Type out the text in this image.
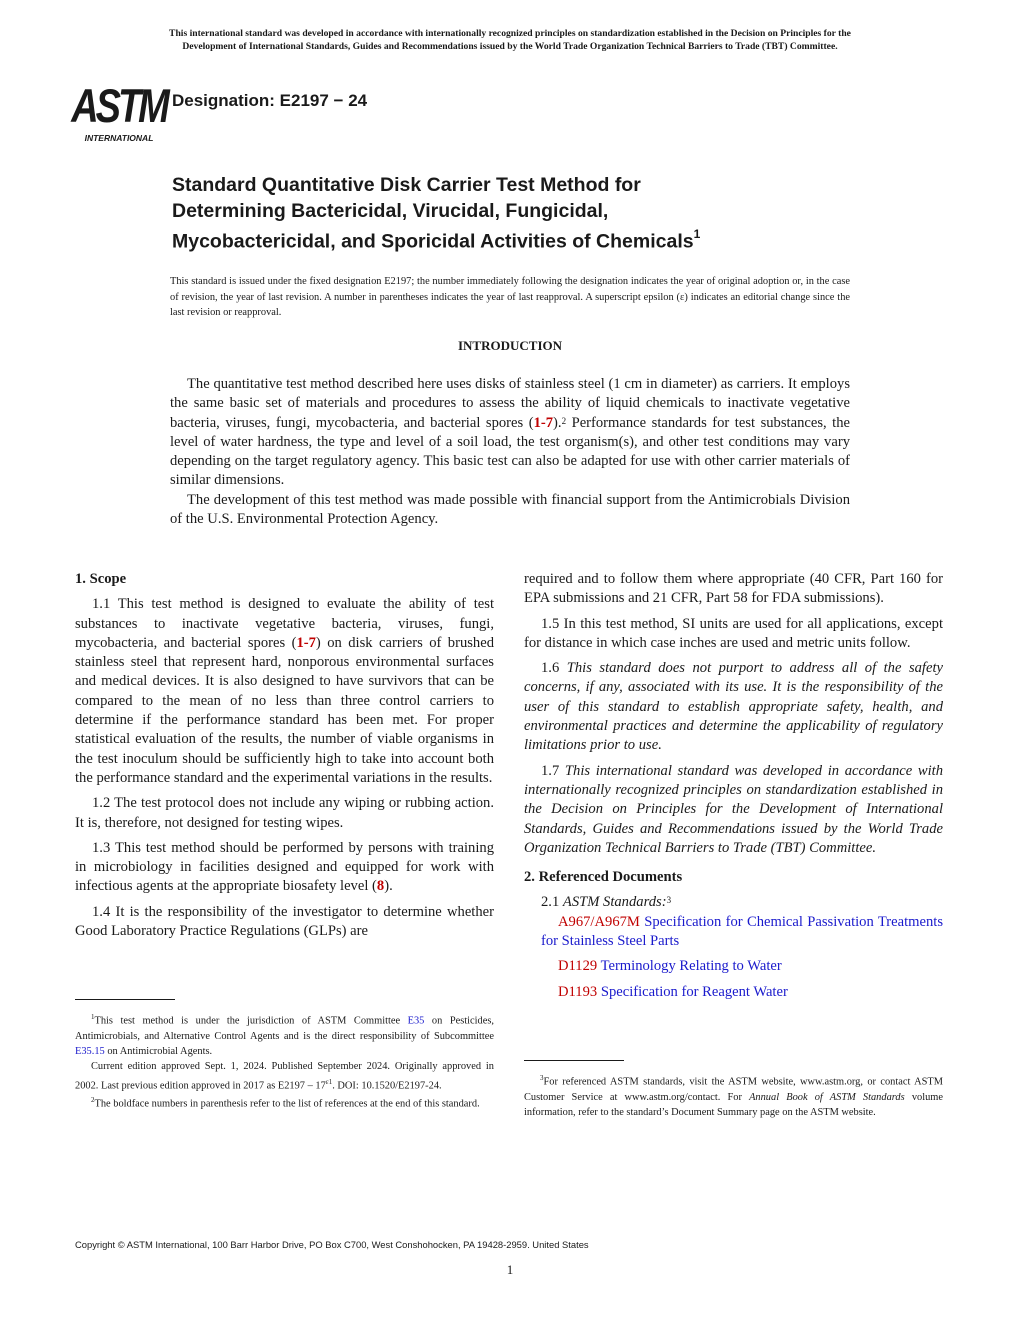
This international standard was developed in accordance with internationally recognized principles on standardization established in the Decision on Principles for the
Development of International Standards, Guides and Recommendations issued by the World Trade Organization Technical Barriers to Trade (TBT) Committee.
ASTM
INTERNATIONAL
Designation: E2197 − 24
Standard Quantitative Disk Carrier Test Method for
Determining Bactericidal, Virucidal, Fungicidal,
Mycobactericidal, and Sporicidal Activities of Chemicals$^1$
This standard is issued under the fixed designation E2197; the number immediately following the designation indicates the year of original adoption or, in the case of revision, the year of last revision. A number in parentheses indicates the year of last reapproval. A superscript epsilon (ε) indicates an editorial change since the last revision or reapproval.
INTRODUCTION

The quantitative test method described here uses disks of stainless steel (1 cm in diameter) as carriers. It employs the same basic set of materials and procedures to assess the ability of liquid chemicals to inactivate vegetative bacteria, viruses, fungi, mycobacteria, and bacterial spores (1-7).$^2$ Performance standards for test substances, the level of water hardness, the type and level of a soil load, the test organism(s), and other test conditions may vary depending on the target regulatory agency. This basic test can also be adapted for use with other carrier materials of similar dimensions.

The development of this test method was made possible with financial support from the Antimicrobials Division of the U.S. Environmental Protection Agency.

1. Scope

1.1 This test method is designed to evaluate the ability of test substances to inactivate vegetative bacteria, viruses, fungi, mycobacteria, and bacterial spores (1-7) on disk carriers of brushed stainless steel that represent hard, nonporous environmental surfaces and medical devices. It is also designed to have survivors that can be compared to the mean of no less than three control carriers to determine if the performance standard has been met. For proper statistical evaluation of the results, the number of viable organisms in the test inoculum should be sufficiently high to take into account both the performance standard and the experimental variations in the results.

1.2 The test protocol does not include any wiping or rubbing action. It is, therefore, not designed for testing wipes.

1.3 This test method should be performed by persons with training in microbiology in facilities designed and equipped for work with infectious agents at the appropriate biosafety level (8).

1.4 It is the responsibility of the investigator to determine whether Good Laboratory Practice Regulations (GLPs) are

required and to follow them where appropriate (40 CFR, Part 160 for EPA submissions and 21 CFR, Part 58 for FDA submissions).

1.5 In this test method, SI units are used for all applications, except for distance in which case inches are used and metric units follow.

1.6 This standard does not purport to address all of the safety concerns, if any, associated with its use. It is the responsibility of the user of this standard to establish appropriate safety, health, and environmental practices and determine the applicability of regulatory limitations prior to use.

1.7 This international standard was developed in accordance with internationally recognized principles on standardization established in the Decision on Principles for the Development of International Standards, Guides and Recommendations issued by the World Trade Organization Technical Barriers to Trade (TBT) Committee.

2. Referenced Documents

2.1 ASTM Standards:$^3$

A967/A967M Specification for Chemical Passivation Treatments for Stainless Steel Parts

D1129 Terminology Relating to Water

D1193 Specification for Reagent Water

$^1$This test method is under the jurisdiction of ASTM Committee E35 on Pesticides, Antimicrobials, and Alternative Control Agents and is the direct responsibility of Subcommittee E35.15 on Antimicrobial Agents.

Current edition approved Sept. 1, 2024. Published September 2024. Originally approved in 2002. Last previous edition approved in 2017 as $E2197 - 17^{\varepsilon 1}$. DOI: 10.1520/E2197-24.

$^2$The boldface numbers in parenthesis refer to the list of references at the end of this standard.

$^3$For referenced ASTM standards, visit the ASTM website, www.astm.org, or contact ASTM Customer Service at www.astm.org/contact. For Annual Book of ASTM Standards volume information, refer to the standard’s Document Summary page on the ASTM website.

Copyright © ASTM International, 100 Barr Harbor Drive, PO Box C700, West Conshohocken, PA 19428-2959. United States
1
